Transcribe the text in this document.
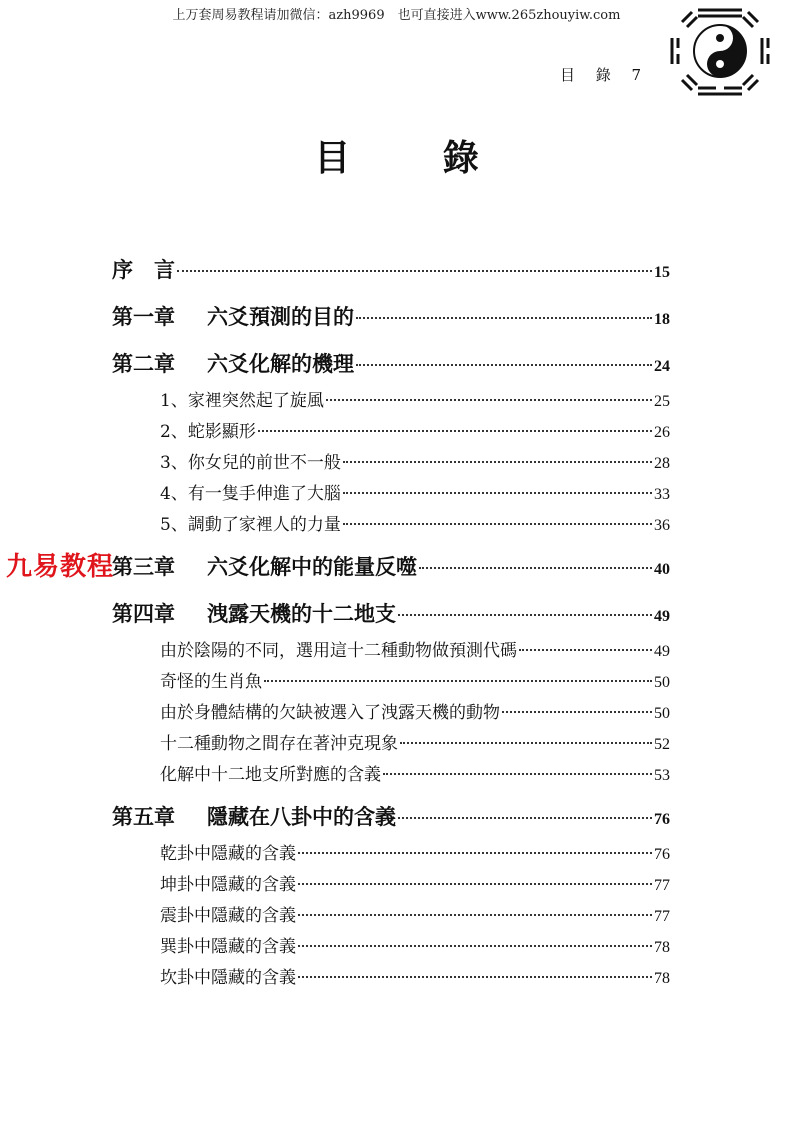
上万套周易教程请加微信：azh9969　也可直接进入www.265zhouyiw.com
目 錄 7
九易教程
目 錄
序　言	15
第一章 六爻預測的目的	18
第二章 六爻化解的機理	24
1、家裡突然起了旋風	25
2、蛇影顯形	26
3、你女兒的前世不一般	28
4、有一隻手伸進了大腦	33
5、調動了家裡人的力量	36
第三章 六爻化解中的能量反噬	40
第四章 洩露天機的十二地支	49
由於陰陽的不同，選用這十二種動物做預測代碼	49
奇怪的生肖魚	50
由於身體結構的欠缺被選入了洩露天機的動物	50
十二種動物之間存在著沖克現象	52
化解中十二地支所對應的含義	53
第五章 隱藏在八卦中的含義	76
乾卦中隱藏的含義	76
坤卦中隱藏的含義	77
震卦中隱藏的含義	77
巽卦中隱藏的含義	78
坎卦中隱藏的含義	78
